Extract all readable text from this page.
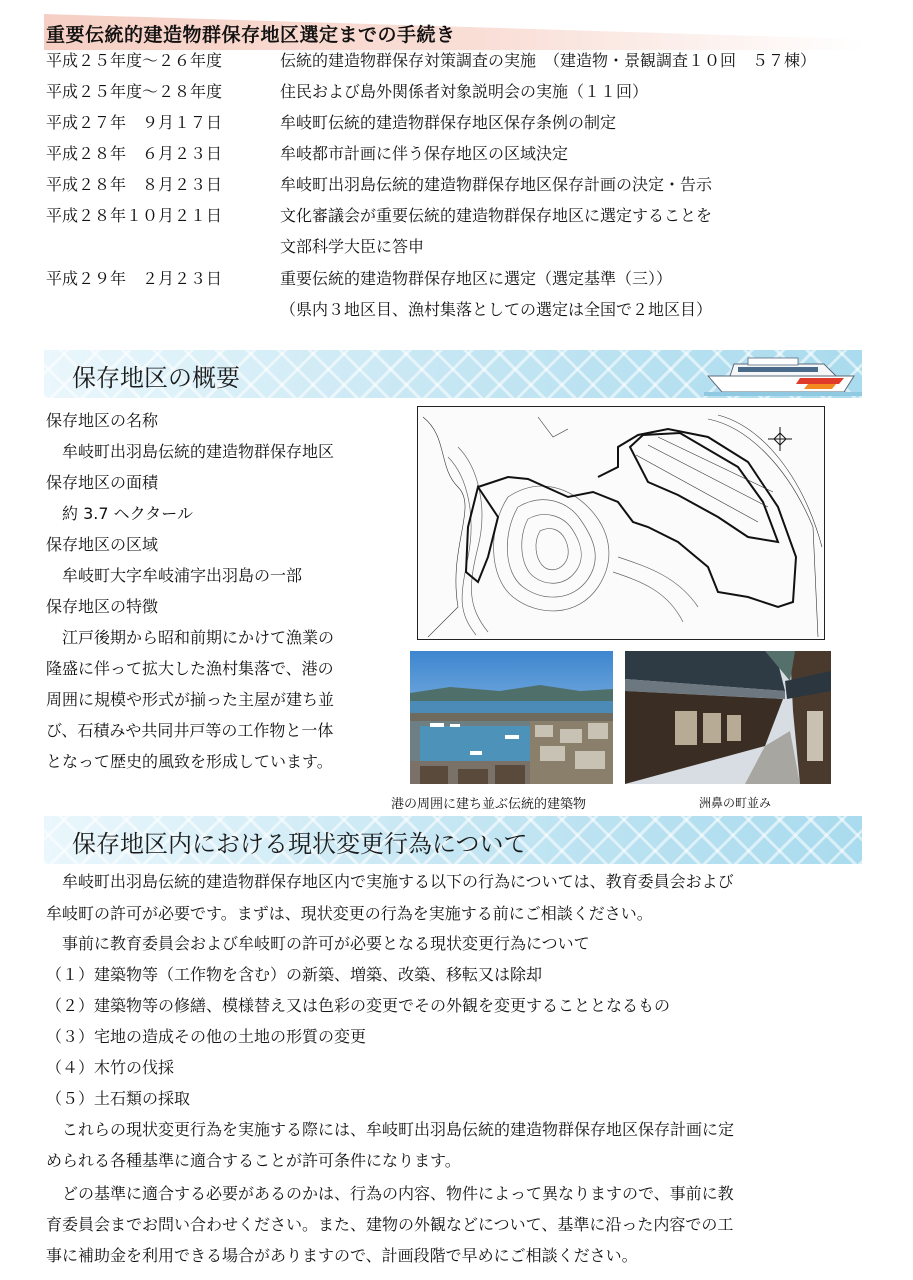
重要伝統的建造物群保存地区選定までの手続き
平成２５年度～２６年度	伝統的建造物群保存対策調査の実施　（建造物・景観調査１０回　５７棟）
平成２５年度～２８年度	住民および島外関係者対象説明会の実施（１１回）
平成２７年　９月１７日	牟岐町伝統的建造物群保存地区保存条例の制定
平成２８年　６月２３日	牟岐都市計画に伴う保存地区の区域決定
平成２８年　８月２３日	牟岐町出羽島伝統的建造物群保存地区保存計画の決定・告示
平成２８年１０月２１日	文化審議会が重要伝統的建造物群保存地区に選定することを
文部科学大臣に答申
平成２９年　２月２３日	重要伝統的建造物群保存地区に選定（選定基準（三））
（県内３地区目、漁村集落としての選定は全国で２地区目）
保存地区の概要
保存地区の名称
　牟岐町出羽島伝統的建造物群保存地区
保存地区の面積
　約 3.7 ヘクタール
保存地区の区域
　牟岐町大字牟岐浦字出羽島の一部
保存地区の特徴
　江戸後期から昭和前期にかけて漁業の
隆盛に伴って拡大した漁村集落で、港の
周囲に規模や形式が揃った主屋が建ち並
び、石積みや共同井戸等の工作物と一体
となって歴史的風致を形成しています。
港の周囲に建ち並ぶ伝統的建築物	洲鼻の町並み
保存地区内における現状変更行為について
　牟岐町出羽島伝統的建造物群保存地区内で実施する以下の行為については、教育委員会および
牟岐町の許可が必要です。まずは、現状変更の行為を実施する前にご相談ください。
　事前に教育委員会および牟岐町の許可が必要となる現状変更行為について
（１）建築物等（工作物を含む）の新築、増築、改築、移転又は除却
（２）建築物等の修繕、模様替え又は色彩の変更でその外観を変更することとなるもの
（３）宅地の造成その他の土地の形質の変更
（４）木竹の伐採
（５）土石類の採取
　これらの現状変更行為を実施する際には、牟岐町出羽島伝統的建造物群保存地区保存計画に定
められる各種基準に適合することが許可条件になります。
　どの基準に適合する必要があるのかは、行為の内容、物件によって異なりますので、事前に教
育委員会までお問い合わせください。また、建物の外観などについて、基準に沿った内容での工
事に補助金を利用できる場合がありますので、計画段階で早めにご相談ください。
